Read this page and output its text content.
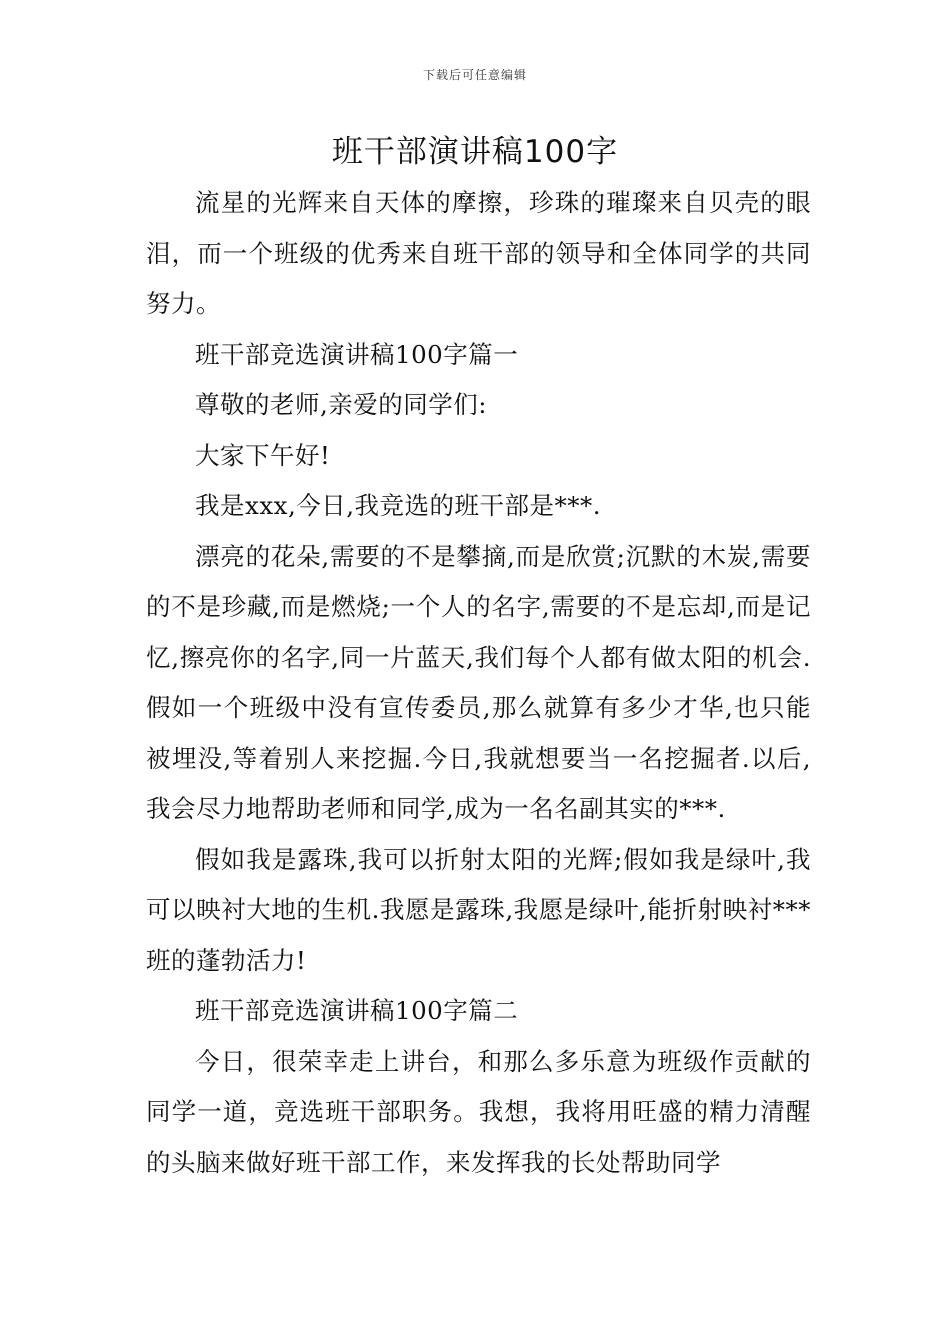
下载后可任意编辑
班干部演讲稿100字

流星的光辉来自天体的摩擦，珍珠的璀璨来自贝壳的眼泪，而一个班级的优秀来自班干部的领导和全体同学的共同努力。

班干部竞选演讲稿100字篇一

尊敬的老师,亲爱的同学们:

大家下午好!

我是xxx,今日,我竞选的班干部是***.

漂亮的花朵,需要的不是攀摘,而是欣赏;沉默的木炭,需要的不是珍藏,而是燃烧;一个人的名字,需要的不是忘却,而是记忆,擦亮你的名字,同一片蓝天,我们每个人都有做太阳的机会.假如一个班级中没有宣传委员,那么就算有多少才华,也只能被埋没,等着别人来挖掘.今日,我就想要当一名挖掘者.以后,我会尽力地帮助老师和同学,成为一名名副其实的***.

假如我是露珠,我可以折射太阳的光辉;假如我是绿叶,我可以映衬大地的生机.我愿是露珠,我愿是绿叶,能折射映衬***班的蓬勃活力!

班干部竞选演讲稿100字篇二

今日，很荣幸走上讲台，和那么多乐意为班级作贡献的同学一道，竞选班干部职务。我想，我将用旺盛的精力清醒的头脑来做好班干部工作，来发挥我的长处帮助同学
